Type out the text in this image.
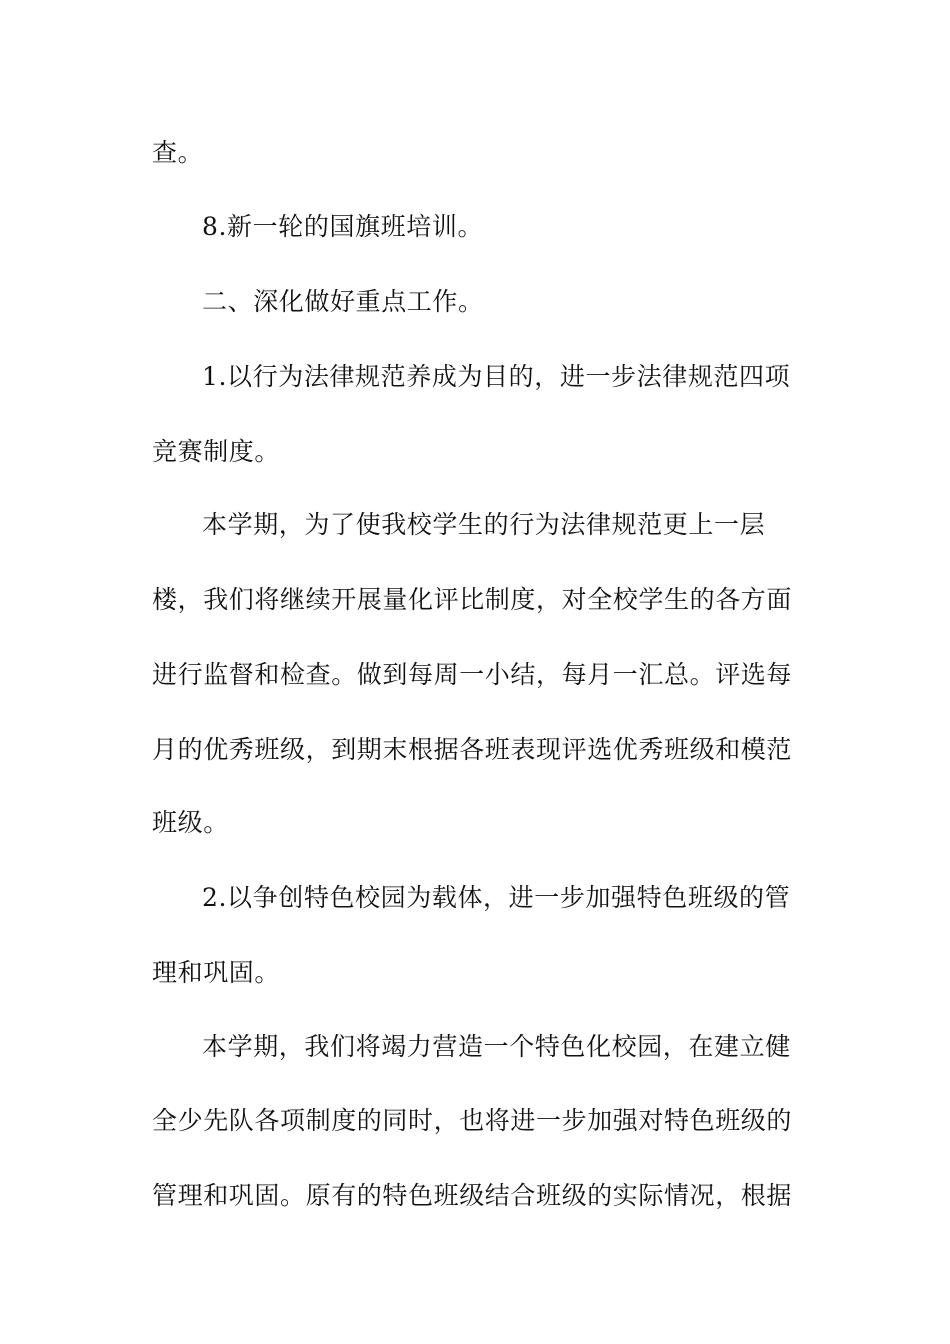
查。

8.新一轮的国旗班培训。

二、深化做好重点工作。

1.以行为法律规范养成为目的，进一步法律规范四项

竞赛制度。

本学期，为了使我校学生的行为法律规范更上一层

楼，我们将继续开展量化评比制度，对全校学生的各方面

进行监督和检查。做到每周一小结，每月一汇总。评选每

月的优秀班级，到期末根据各班表现评选优秀班级和模范

班级。

2.以争创特色校园为载体，进一步加强特色班级的管

理和巩固。

本学期，我们将竭力营造一个特色化校园，在建立健

全少先队各项制度的同时，也将进一步加强对特色班级的

管理和巩固。原有的特色班级结合班级的实际情况，根据
